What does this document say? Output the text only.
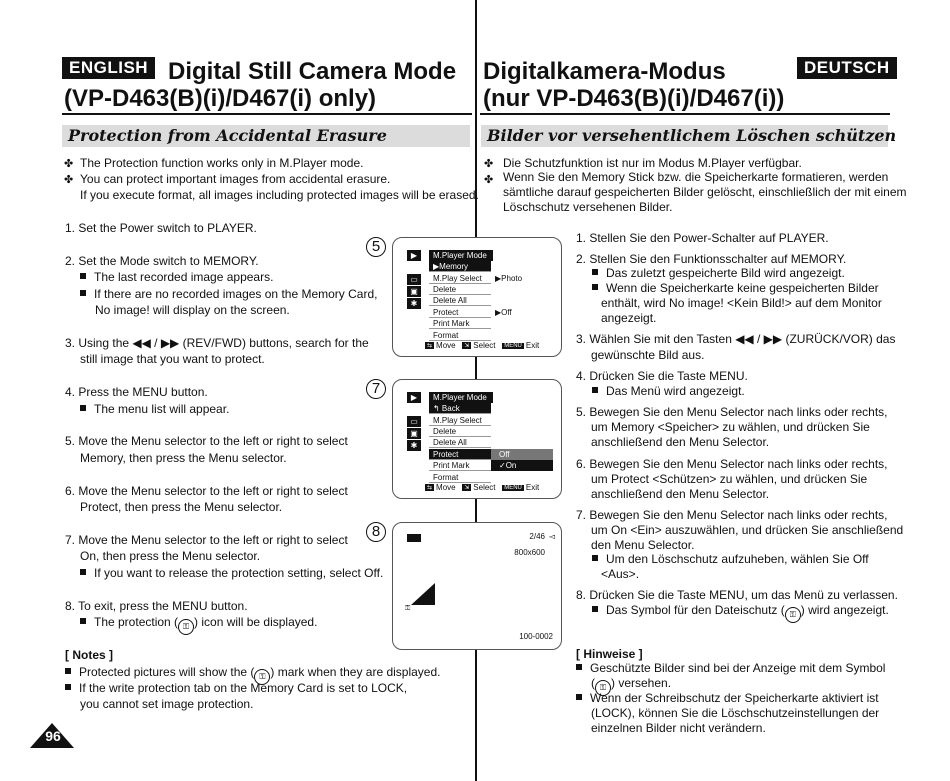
ENGLISH Digital Still Camera Mode
(VP-D463(B)(i)/D467(i) only)
DEUTSCH
Digitalkamera-Modus
(nur VP-D463(B)(i)/D467(i))
Protection from Accidental Erasure	Bilder vor versehentlichem Löschen schützen
✤ The Protection function works only in M.Player mode.
✤ You can protect important images from accidental erasure.
If you execute format, all images including protected images will be erased.
1. Set the Power switch to PLAYER.
2. Set the Mode switch to MEMORY.
The last recorded image appears.
If there are no recorded images on the Memory Card,
No image! will display on the screen.
3. Using the ◀◀ / ▶▶ (REV/FWD) buttons, search for the
still image that you want to protect.
4. Press the MENU button.
The menu list will appear.
5. Move the Menu selector to the left or right to select
Memory, then press the Menu selector.
6. Move the Menu selector to the left or right to select
Protect, then press the Menu selector.
7. Move the Menu selector to the left or right to select
On, then press the Menu selector.
If you want to release the protection setting, select Off.
8. To exit, press the MENU button.
The protection ( ⚿ ) icon will be displayed.
[ Notes ]
Protected pictures will show the ( ⚿ ) mark when they are displayed.
If the write protection tab on the Memory Card is set to LOCK,
you cannot set image protection.
96
5
▶
▭
▣
✱
M.Player Mode
▶Memory
M.Play Select
Delete
Delete All
Protect
Print Mark
Format
▶Photo
▶Off
⇆ Move ⇲ Select MENU Exit
7
▶
▭
▣
✱
M.Player Mode
↰ Back
M.Play Select
Delete
Delete All
Protect
Print Mark
Format
Off
✓On
⇆ Move ⇲ Select MENU Exit
8	2/46 ◅
800x600
⚿
100-0002
✤ Die Schutzfunktion ist nur im Modus M.Player verfügbar.
✤ Wenn Sie den Memory Stick bzw. die Speicherkarte formatieren, werden
sämtliche darauf gespeicherten Bilder gelöscht, einschließlich der mit einem
Löschschutz versehenen Bilder.
1. Stellen Sie den Power-Schalter auf PLAYER.
2. Stellen Sie den Funktionsschalter auf MEMORY.
Das zuletzt gespeicherte Bild wird angezeigt.
Wenn die Speicherkarte keine gespeicherten Bilder
enthält, wird No image! <Kein Bild!> auf dem Monitor
angezeigt.
3. Wählen Sie mit den Tasten ◀◀ / ▶▶ (ZURÜCK/VOR) das
gewünschte Bild aus.
4. Drücken Sie die Taste MENU.
Das Menü wird angezeigt.
5. Bewegen Sie den Menu Selector nach links oder rechts,
um Memory <Speicher> zu wählen, und drücken Sie
anschließend den Menu Selector.
6. Bewegen Sie den Menu Selector nach links oder rechts,
um Protect <Schützen> zu wählen, und drücken Sie
anschließend den Menu Selector.
7. Bewegen Sie den Menu Selector nach links oder rechts,
um On <Ein> auszuwählen, und drücken Sie anschließend
den Menu Selector.
Um den Löschschutz aufzuheben, wählen Sie Off
<Aus>.
8. Drücken Sie die Taste MENU, um das Menü zu verlassen.
Das Symbol für den Dateischutz ( ⚿ ) wird angezeigt.
[ Hinweise ]
Geschützte Bilder sind bei der Anzeige mit dem Symbol
( ⚿ ) versehen.
Wenn der Schreibschutz der Speicherkarte aktiviert ist
(LOCK), können Sie die Löschschutzeinstellungen der
einzelnen Bilder nicht verändern.
